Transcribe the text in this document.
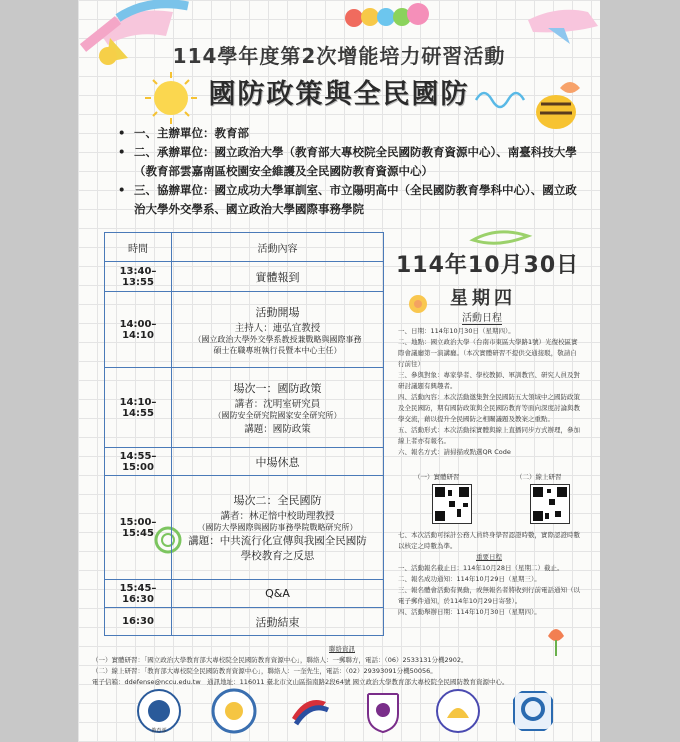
114學年度第2次增能培力研習活動
國防政策與全民國防
• 一、主辦單位：教育部
• 二、承辦單位：國立政治大學（教育部大專校院全民國防教育資源中心）、南臺科技大學（教育部雲嘉南區校園安全維護及全民國防教育資源中心）
• 三、協辦單位：國立成功大學軍訓室、市立陽明高中（全民國防教育學科中心）、國立政治大學外交學系、國立政治大學國際事務學院
時間	活動內容
13:40–13:55	實體報到

14:00–14:10	活動開場
主持人：連弘宜教授
（國立政治大學外交學系教授兼戰略與國際事務
碩士在職專班執行長暨本中心主任）

14:10–14:55	場次一：國防政策
講者：沈明室研究員
（國防安全研究院國家安全研究所）
講題：國防政策

14:55–15:00	中場休息

15:00–15:45	場次二：全民國防
講者：林疋愔中校助理教授
（國防大學國際與國防事務學院戰略研究所）
講題：中共流行化宣傳與我國全民國防
學校教育之反思

15:45–16:30	Q&A

16:30	活動結束
114年10月30日
星期四
活動日程
一、日期：114年10月30日（星期四）。
二、地點：國立政治大學（台南市東區大學路1號）光復校區實際會議廳第一演講廳。（本次實體研習不提供交通接駁，敬請自行前往）
三、參與對象：專家學者、學校教師、軍訓教官、研究人員及對研討議題有興趣者。
四、活動內容：本次活動邀集對全民國防五大領域中之國防政策及全民國防，期有國防政策與全民國防教育等面向深度討論與教學交流，藉以提升全民國防之相關議題及教案之重點。
五、活動形式：本次活動採實體與線上直播同步方式辦理，參加線上者亦有報名。
六、報名方式：請掃描或點選QR Code
（一）實體研習	（二）線上研習
七、本次活動可採計公務人員終身學習認證時數，實際認證時數以核定之時數為準。
重要日程
一、活動報名截止日：114年10月28日（星期二）截止。
二、報名成功通知：114年10月29日（星期三）。
三、報名體會活動有異動，或無報名者將收到行前電話通知（以電子郵件通知，於114年10月29日寄發）。
四、活動舉辦日期：114年10月30日（星期四）。
聯絡資訊
（一）實體研習：「國立政治大學教育部大專校院全民國防教育資源中心」，聯絡人：一郵聯方，電話：（06）2533131分機2902。
（二）線上研習：「教育部大專校院全民國防教育資源中心」，聯絡人：一奎先生，電話：（02）29393091分機50056。
電子信箱：ddefense@nccu.edu.tw　通訊地址：116011 臺北市文山區指南路2段64號 國立政治大學教育部大專校院全民國防教育資源中心。
教育部
